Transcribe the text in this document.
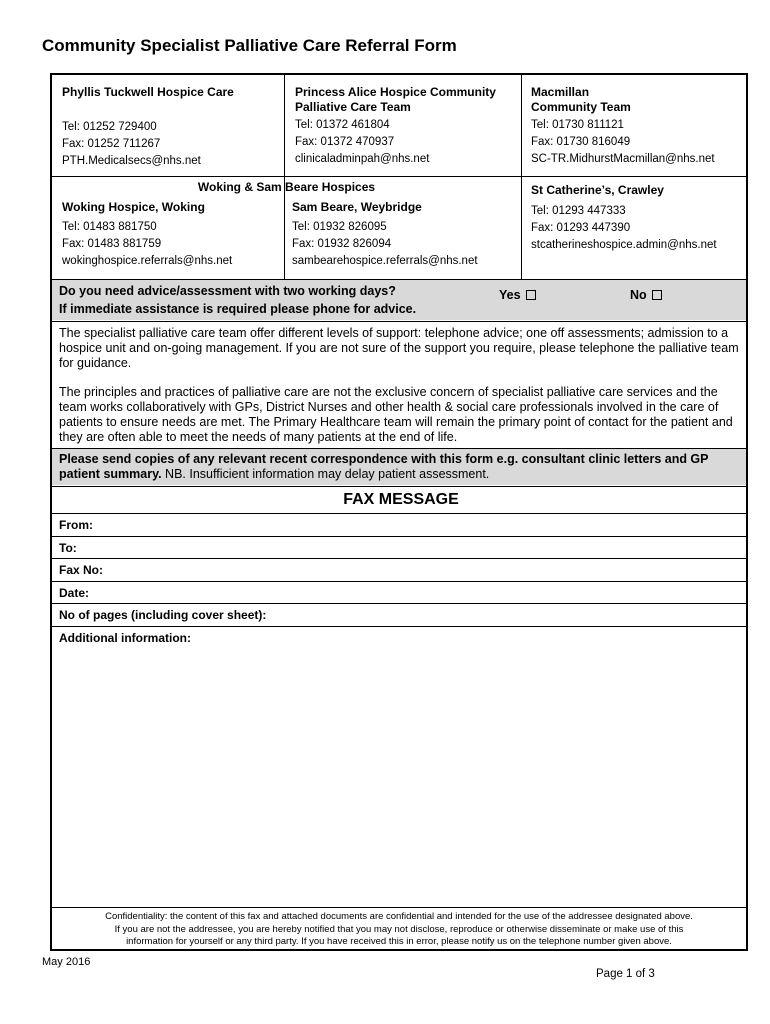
Community Specialist Palliative Care Referral Form
Phyllis Tuckwell Hospice Care
Tel: 01252 729400
Fax: 01252 711267
PTH.Medicalsecs@nhs.net
Princess Alice Hospice Community
Palliative Care Team
Tel: 01372 461804
Fax: 01372 470937
clinicaladminpah@nhs.net
Macmillan
Community Team
Tel: 01730 811121
Fax: 01730 816049
SC-TR.MidhurstMacmillan@nhs.net
Woking & Sam Beare Hospices
Woking Hospice, Woking
Tel: 01483 881750
Fax: 01483 881759
wokinghospice.referrals@nhs.net
Sam Beare, Weybridge
Tel: 01932 826095
Fax: 01932 826094
sambearehospice.referrals@nhs.net
St Catherine’s, Crawley
Tel: 01293 447333
Fax: 01293 447390
stcatherineshospice.admin@nhs.net
Do you need advice/assessment with two working days?
If immediate assistance is required please phone for advice.
Yes	No
The specialist palliative care team offer different levels of support: telephone advice; one off assessments; admission to a hospice unit and on-going management. If you are not sure of the support you require, please telephone the palliative team for guidance.
The principles and practices of palliative care are not the exclusive concern of specialist palliative care services and the team works collaboratively with GPs, District Nurses and other health & social care professionals involved in the care of patients to ensure needs are met. The Primary Healthcare team will remain the primary point of contact for the patient and they are often able to meet the needs of many patients at the end of life.
Please send copies of any relevant recent correspondence with this form e.g. consultant clinic letters and GP patient summary. NB. Insufficient information may delay patient assessment.
FAX MESSAGE
From:
To:
Fax No:
Date:
No of pages (including cover sheet):
Additional information:
Confidentiality: the content of this fax and attached documents are confidential and intended for the use of the addressee designated above.
If you are not the addressee, you are hereby notified that you may not disclose, reproduce or otherwise disseminate or make use of this
information for yourself or any third party. If you have received this in error, please notify us on the telephone number given above.
May 2016
Page 1 of 3
